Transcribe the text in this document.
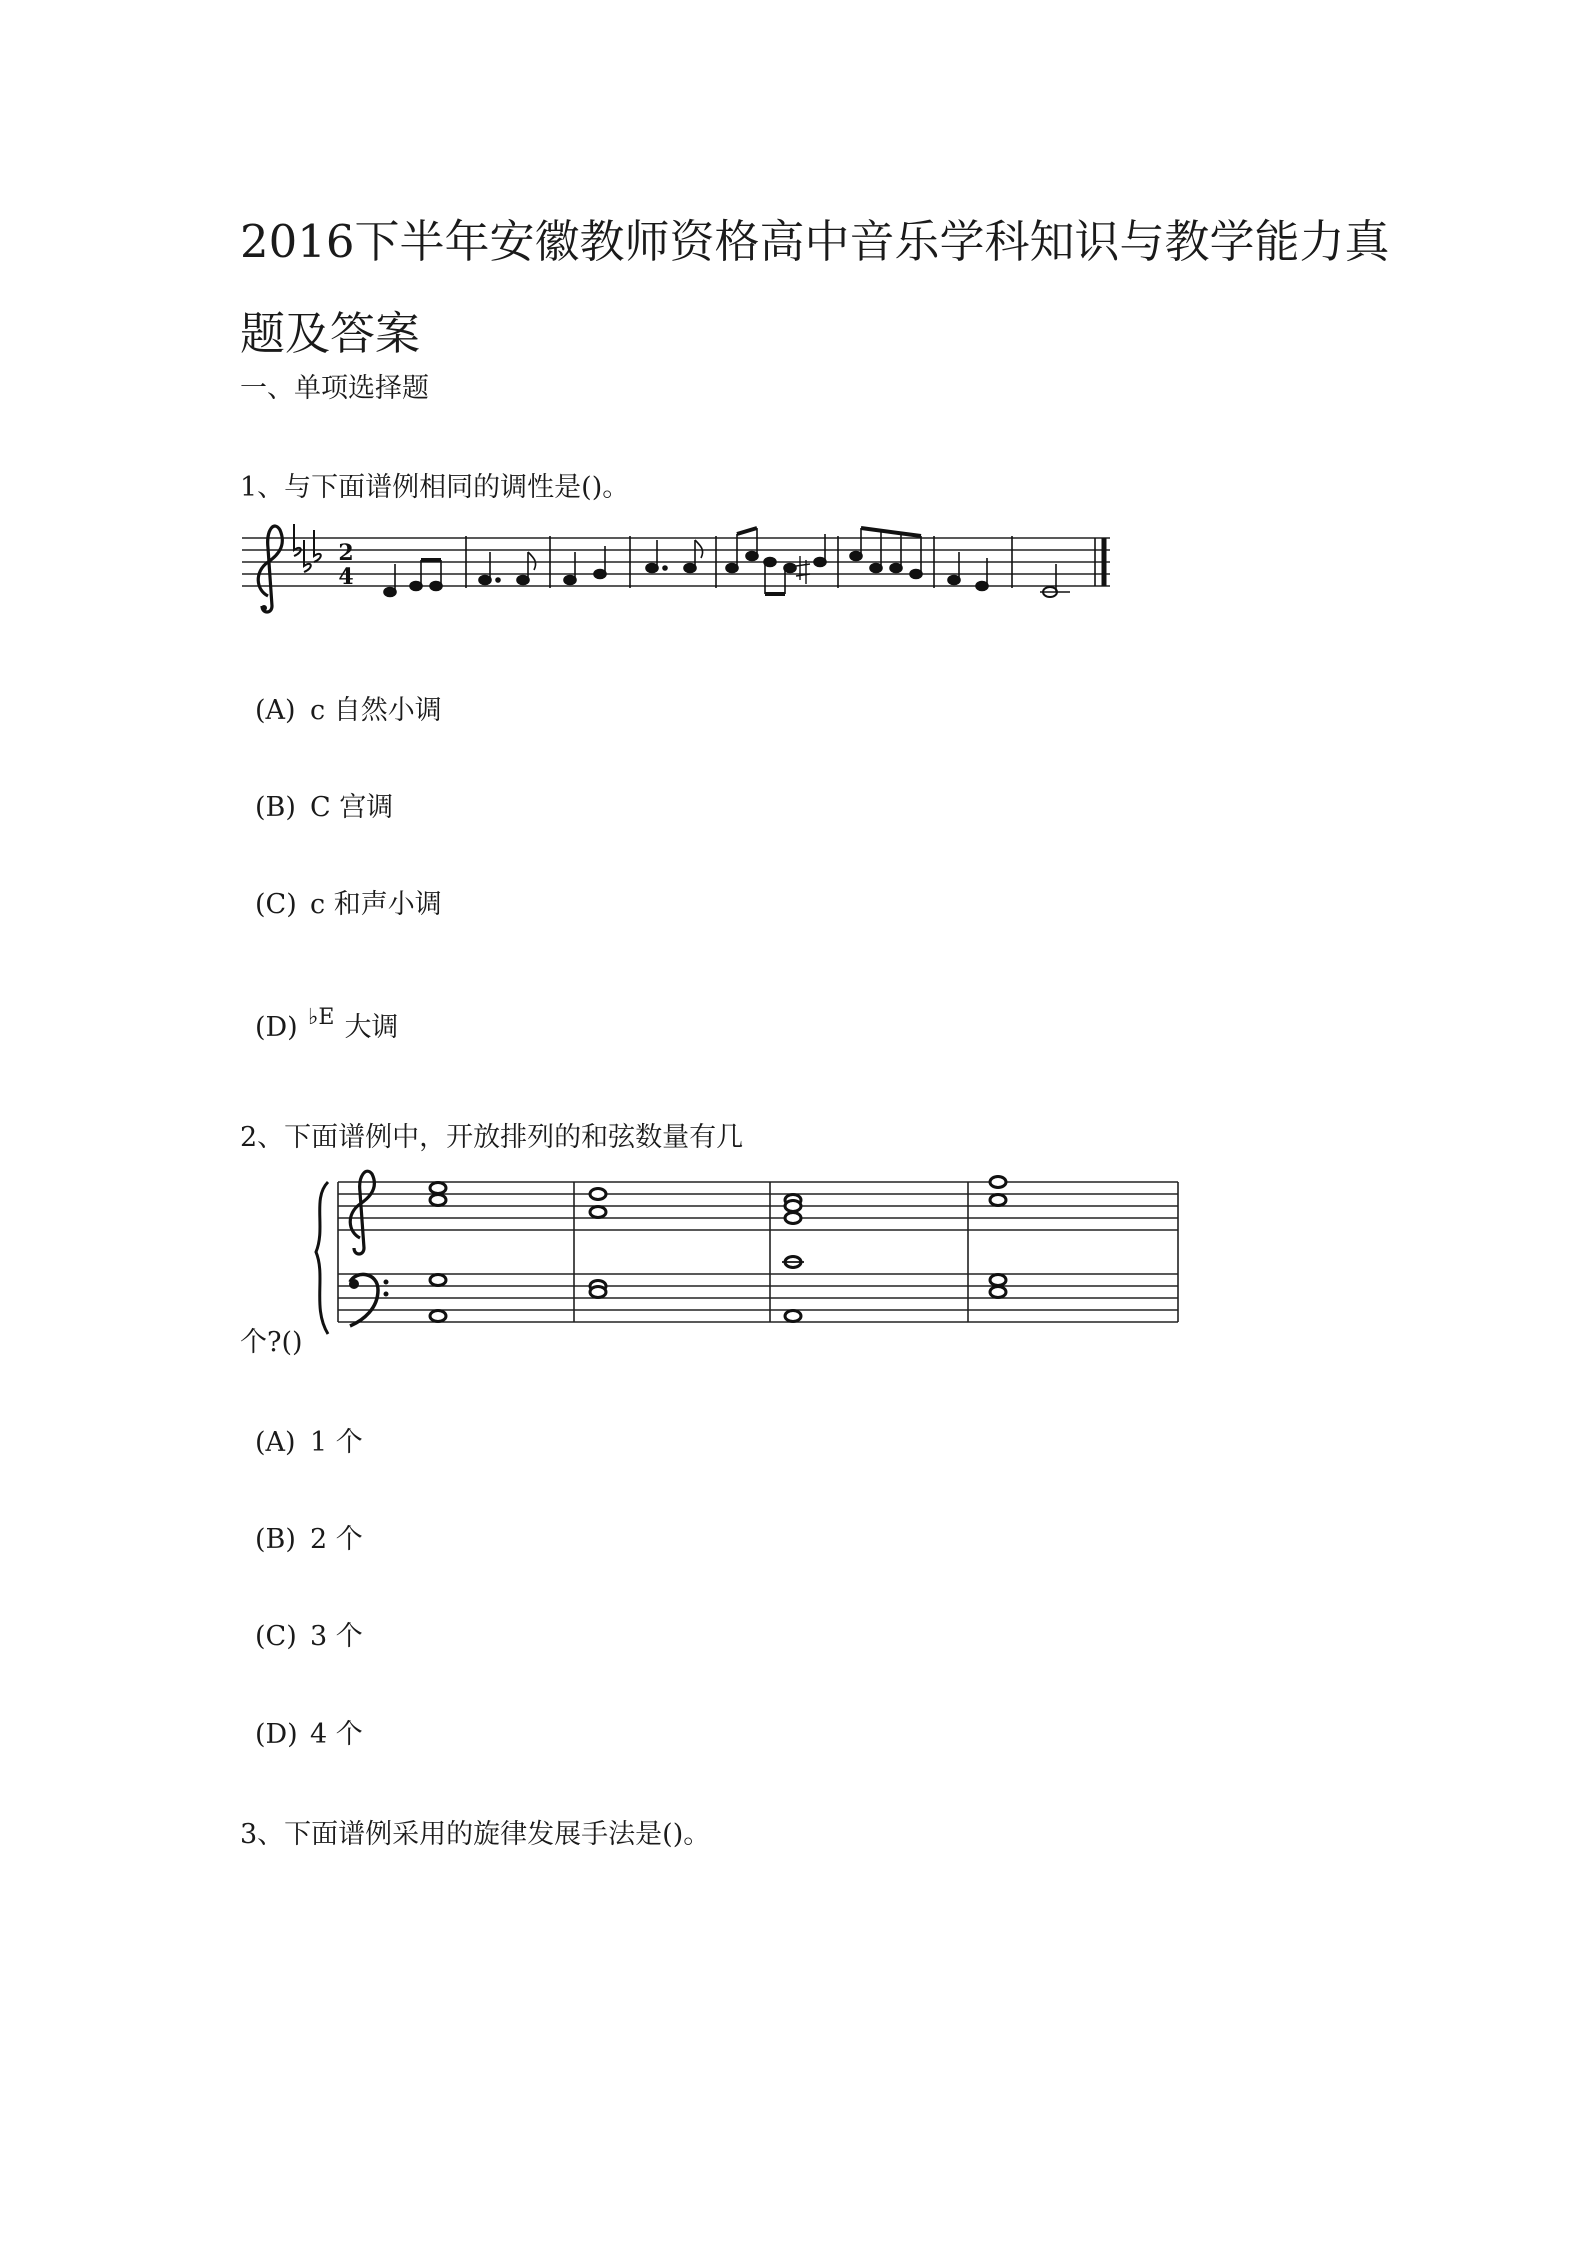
2016下半年安徽教师资格高中音乐学科知识与教学能力真题及答案

一、单项选择题

1、与下面谱例相同的调性是()。
2
4
(A) c 自然小调
(B) C 宫调
(C) c 和声小调
(D) ♭E 大调
2、下面谱例中，开放排列的和弦数量有几
个?()
(A) 1 个
(B) 2 个
(C) 3 个
(D) 4 个
3、下面谱例采用的旋律发展手法是()。
